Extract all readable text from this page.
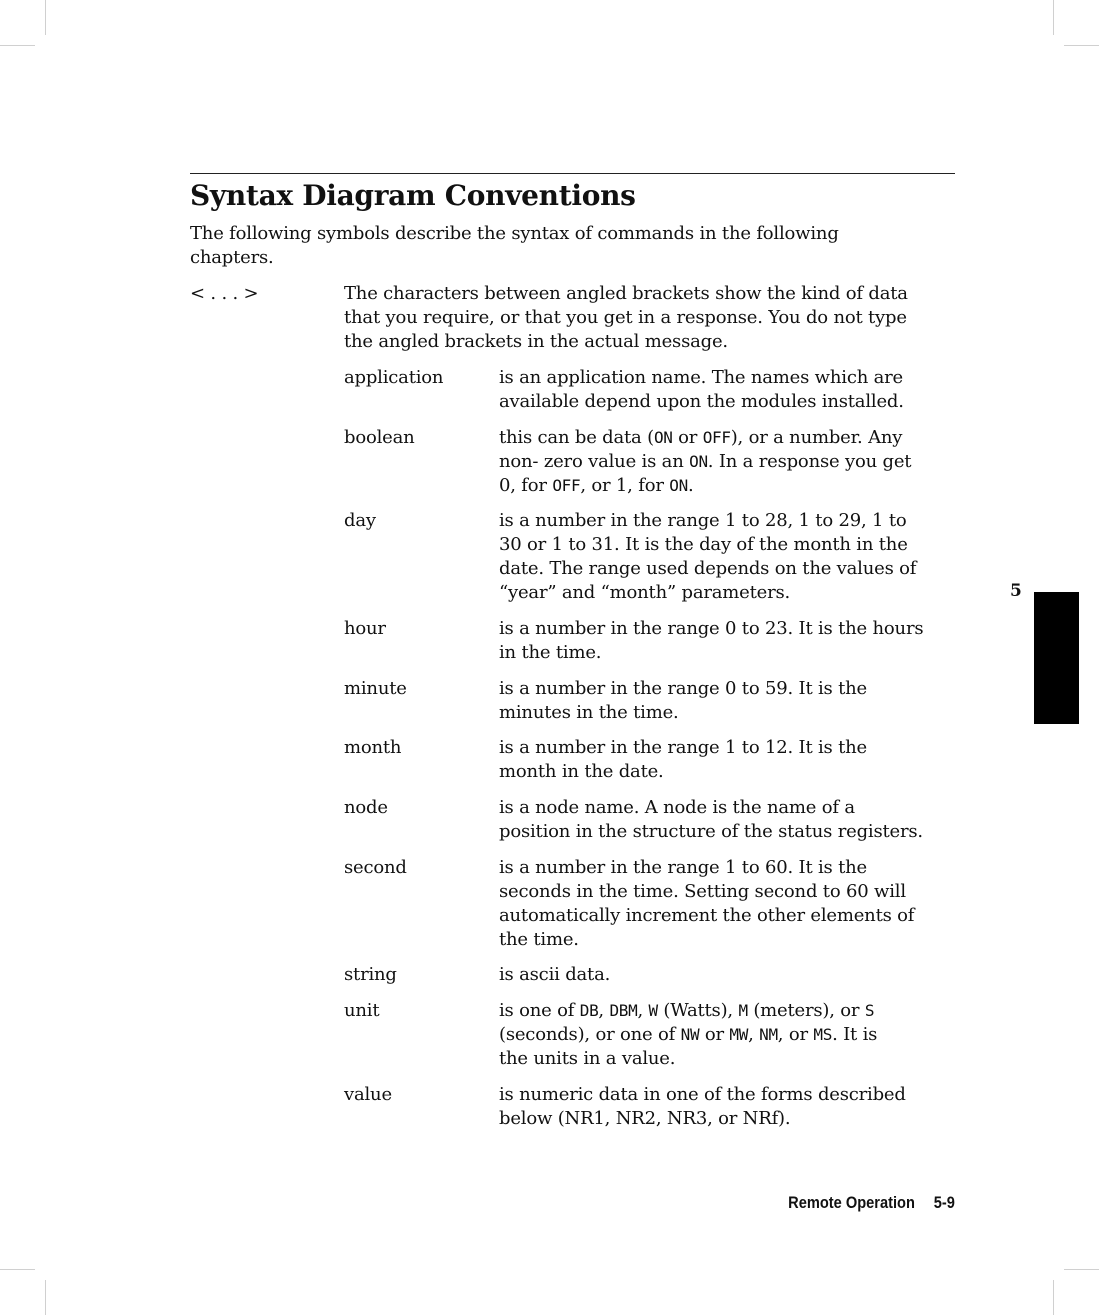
Syntax Diagram Conventions

The following symbols describe the syntax of commands in the following
chapters.

< . . . >	The characters between angled brackets show the kind of data
that you require, or that you get in a response. You do not type
the angled brackets in the actual message.

application	is an application name. The names which are
available depend upon the modules installed.

boolean	this can be data (ON or OFF), or a number. Any
non- zero value is an ON. In a response you get
0, for OFF, or 1, for ON.

day	is a number in the range 1 to 28, 1 to 29, 1 to
30 or 1 to 31. It is the day of the month in the
date. The range used depends on the values of
“year” and “month” parameters.

hour	is a number in the range 0 to 23. It is the hours
in the time.

minute	is a number in the range 0 to 59. It is the
minutes in the time.

month	is a number in the range 1 to 12. It is the
month in the date.

node	is a node name. A node is the name of a
position in the structure of the status registers.

second	is a number in the range 1 to 60. It is the
seconds in the time. Setting second to 60 will
automatically increment the other elements of
the time.

string	is ascii data.

unit	is one of DB, DBM, W (Watts), M (meters), or S
(seconds), or one of NW or MW, NM, or MS. It is
the units in a value.

value	is numeric data in one of the forms described
below (NR1, NR2, NR3, or NRf).

5

Remote Operation 5-9
